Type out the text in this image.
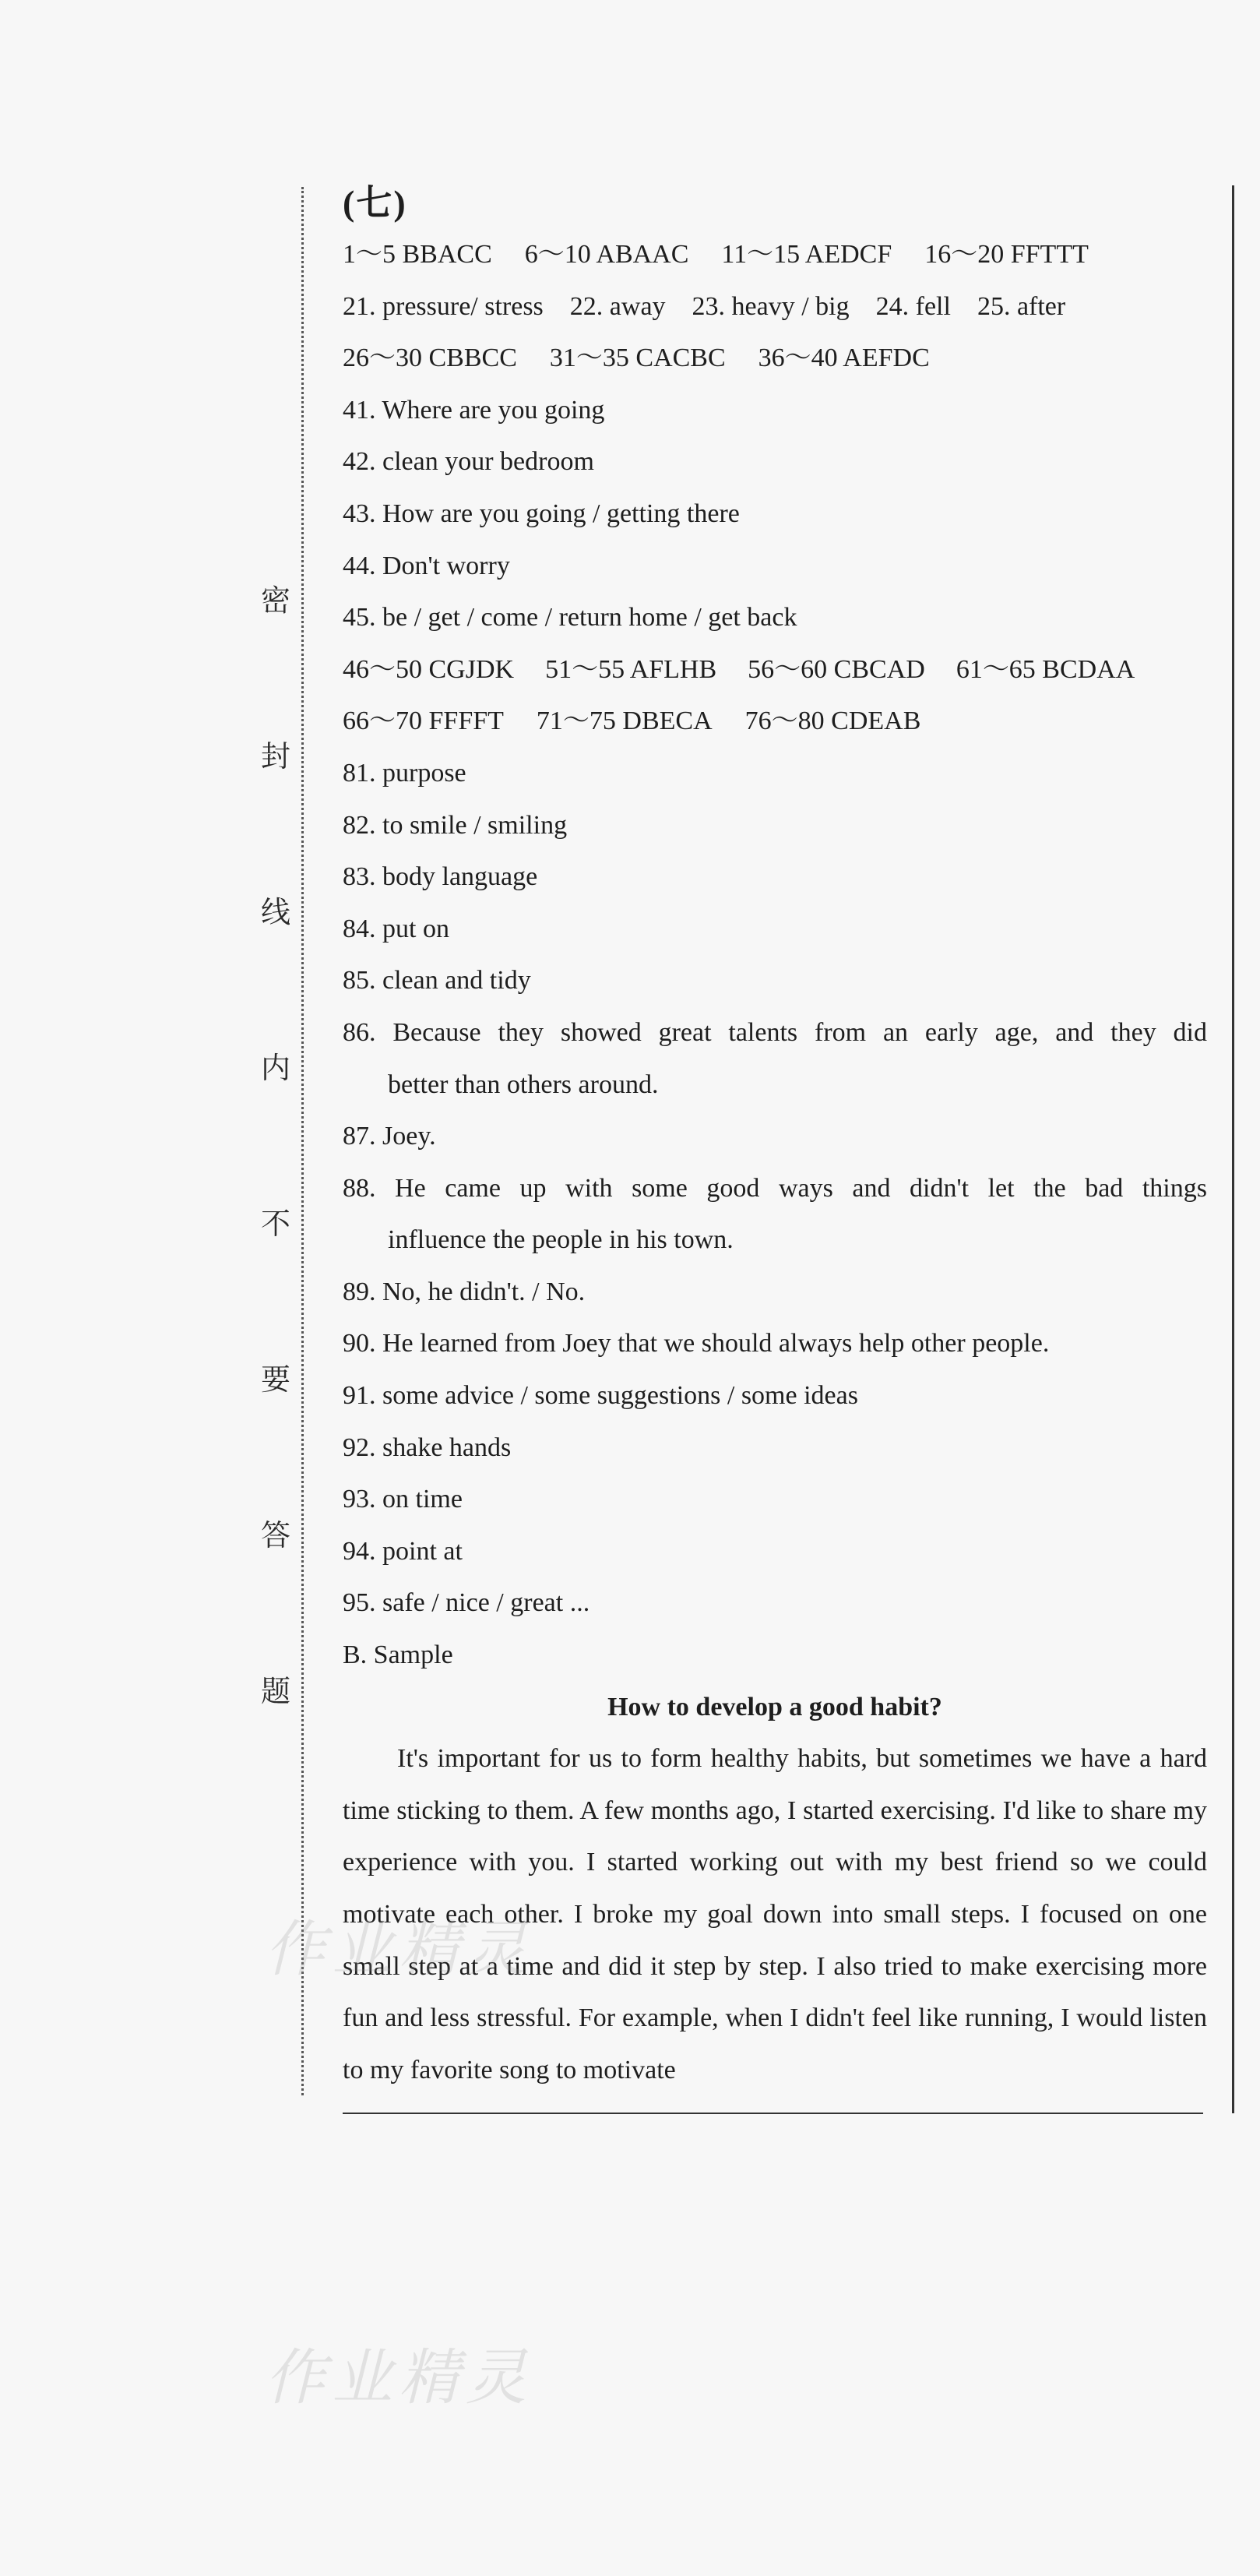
密
封
线
内
不
要
答
题
(七)
1～5 BBACC 6～10 ABAAC 11～15 AEDCF 16～20 FFTTT
21. pressure/ stress 22. away 23. heavy / big 24. fell 25. after
26～30 CBBCC 31～35 CACBC 36～40 AEFDC
41. Where are you going
42. clean your bedroom
43. How are you going / getting there
44. Don't worry
45. be / get / come / return home / get back
46～50 CGJDK 51～55 AFLHB 56～60 CBCAD 61～65 BCDAA
66～70 FFFFT 71～75 DBECA 76～80 CDEAB
81. purpose
82. to smile / smiling
83. body language
84. put on
85. clean and tidy
86. Because they showed great talents from an early age, and they did
better than others around.
87. Joey.
88. He came up with some good ways and didn't let the bad things
influence the people in his town.
89. No, he didn't. / No.
90. He learned from Joey that we should always help other people.
91. some advice / some suggestions / some ideas
92. shake hands
93. on time
94. point at
95. safe / nice / great ...
B. Sample
How to develop a good habit?
It's important for us to form healthy habits, but sometimes we have a hard time sticking to them. A few months ago, I started exercising. I'd like to share my experience with you. I started working out with my best friend so we could motivate each other. I broke my goal down into small steps. I focused on one small step at a time and did it step by step. I also tried to make exercising more fun and less stressful. For example, when I didn't feel like running, I would listen to my favorite song to motivate
作业精灵
作业精灵
